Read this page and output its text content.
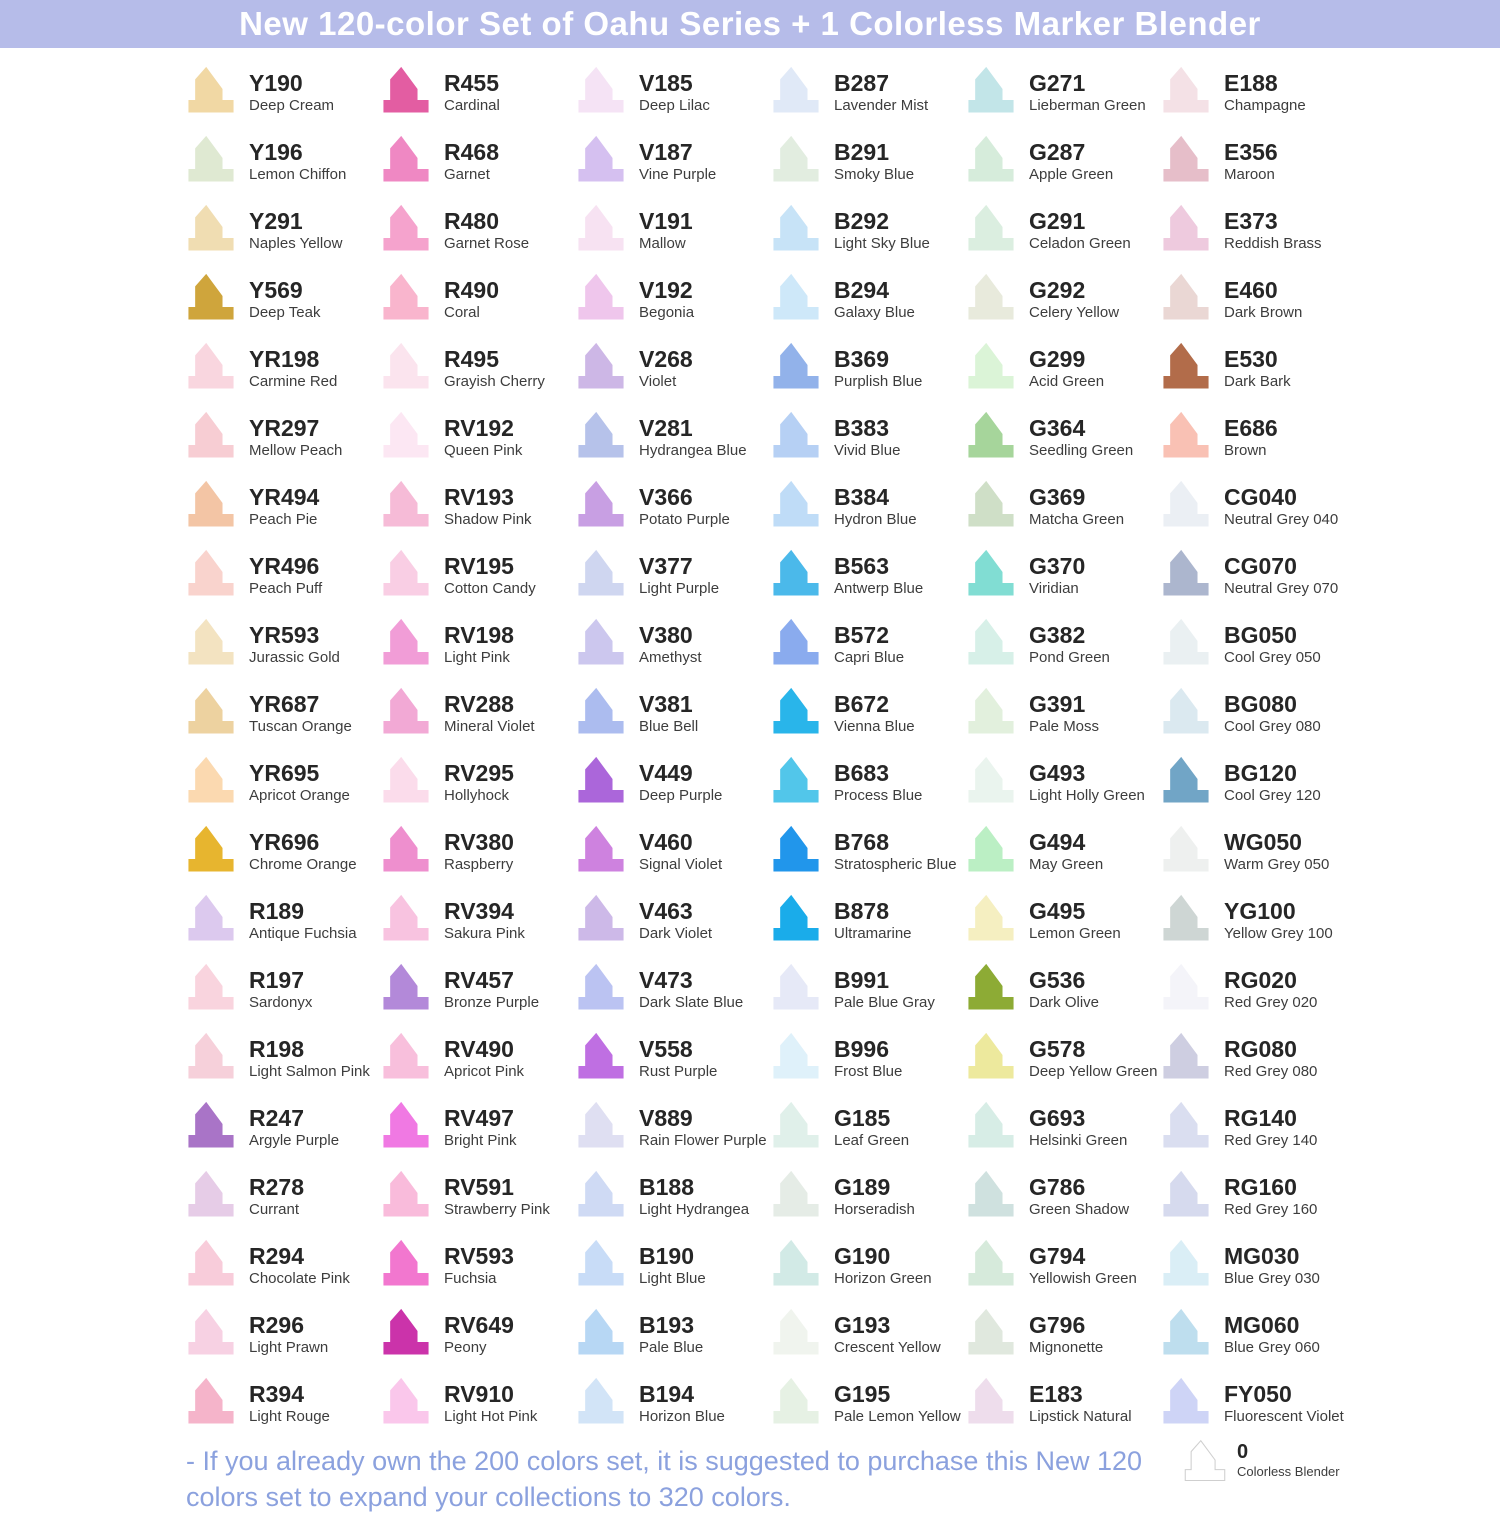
New 120-color Set of Oahu Series + 1 Colorless Marker Blender
Y190
Deep Cream
Y196
Lemon Chiffon
Y291
Naples Yellow
Y569
Deep Teak
YR198
Carmine Red
YR297
Mellow Peach
YR494
Peach Pie
YR496
Peach Puff
YR593
Jurassic Gold
YR687
Tuscan Orange
YR695
Apricot Orange
YR696
Chrome Orange
R189
Antique Fuchsia
R197
Sardonyx
R198
Light Salmon Pink
R247
Argyle Purple
R278
Currant
R294
Chocolate Pink
R296
Light Prawn
R394
Light Rouge
R455
Cardinal
R468
Garnet
R480
Garnet Rose
R490
Coral
R495
Grayish Cherry
RV192
Queen Pink
RV193
Shadow Pink
RV195
Cotton Candy
RV198
Light Pink
RV288
Mineral Violet
RV295
Hollyhock
RV380
Raspberry
RV394
Sakura Pink
RV457
Bronze Purple
RV490
Apricot Pink
RV497
Bright Pink
RV591
Strawberry Pink
RV593
Fuchsia
RV649
Peony
RV910
Light Hot Pink
V185
Deep Lilac
V187
Vine Purple
V191
Mallow
V192
Begonia
V268
Violet
V281
Hydrangea Blue
V366
Potato Purple
V377
Light Purple
V380
Amethyst
V381
Blue Bell
V449
Deep Purple
V460
Signal Violet
V463
Dark Violet
V473
Dark Slate Blue
V558
Rust Purple
V889
Rain Flower Purple
B188
Light Hydrangea
B190
Light Blue
B193
Pale Blue
B194
Horizon Blue
B287
Lavender Mist
B291
Smoky Blue
B292
Light Sky Blue
B294
Galaxy Blue
B369
Purplish Blue
B383
Vivid Blue
B384
Hydron Blue
B563
Antwerp Blue
B572
Capri Blue
B672
Vienna Blue
B683
Process Blue
B768
Stratospheric Blue
B878
Ultramarine
B991
Pale Blue Gray
B996
Frost Blue
G185
Leaf Green
G189
Horseradish
G190
Horizon Green
G193
Crescent Yellow
G195
Pale Lemon Yellow
G271
Lieberman Green
G287
Apple Green
G291
Celadon Green
G292
Celery Yellow
G299
Acid Green
G364
Seedling Green
G369
Matcha Green
G370
Viridian
G382
Pond Green
G391
Pale Moss
G493
Light Holly Green
G494
May Green
G495
Lemon Green
G536
Dark Olive
G578
Deep Yellow Green
G693
Helsinki Green
G786
Green Shadow
G794
Yellowish Green
G796
Mignonette
E183
Lipstick Natural
E188
Champagne
E356
Maroon
E373
Reddish Brass
E460
Dark Brown
E530
Dark Bark
E686
Brown
CG040
Neutral Grey 040
CG070
Neutral Grey 070
BG050
Cool Grey 050
BG080
Cool Grey 080
BG120
Cool Grey 120
WG050
Warm Grey 050
YG100
Yellow Grey 100
RG020
Red Grey 020
RG080
Red Grey 080
RG140
Red Grey 140
RG160
Red Grey 160
MG030
Blue Grey 030
MG060
Blue Grey 060
FY050
Fluorescent Violet
- If you already own the 200 colors set, it is suggested to purchase this New 120 colors set to expand your collections to 320 colors.
0
Colorless Blender
